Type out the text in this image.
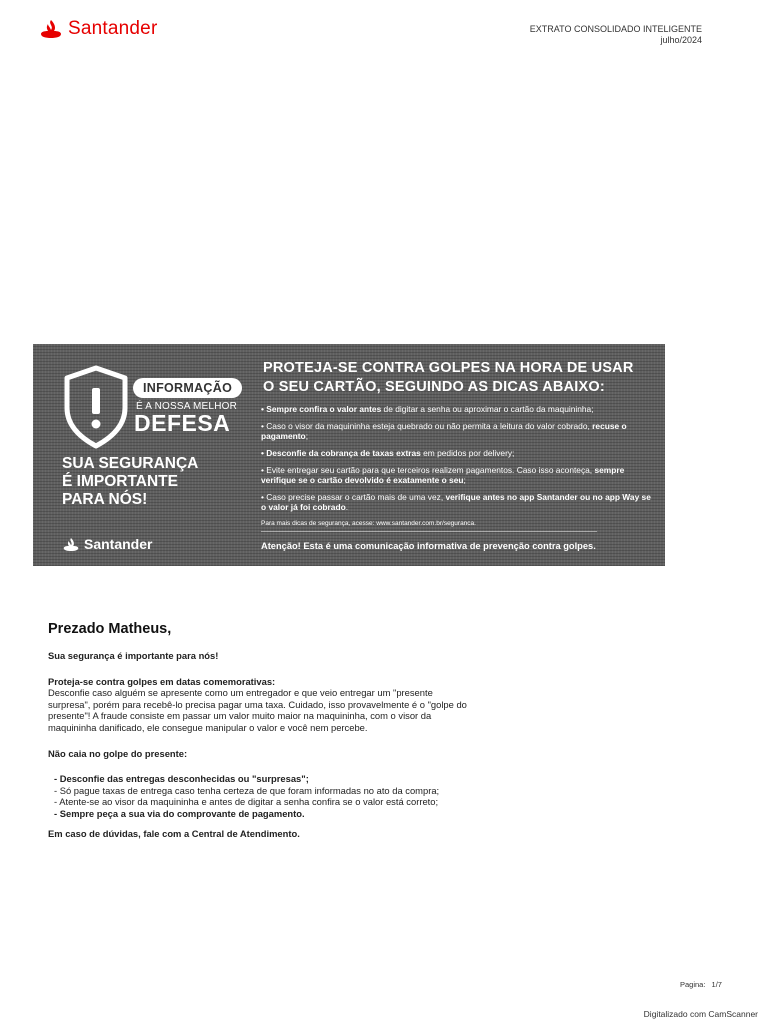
Santander	EXTRATO CONSOLIDADO INTELIGENTE
julho/2024
INFORMAÇÃO
É A NOSSA MELHOR
DEFESA
SUA SEGURANÇA
É IMPORTANTE
PARA NÓS!
Santander
PROTEJA-SE CONTRA GOLPES NA HORA DE USAR
O SEU CARTÃO, SEGUINDO AS DICAS ABAIXO:
• Sempre confira o valor antes de digitar a senha ou aproximar o cartão da maquininha;
• Caso o visor da maquininha esteja quebrado ou não permita a leitura do valor cobrado, recuse o pagamento;
• Desconfie da cobrança de taxas extras em pedidos por delivery;
• Evite entregar seu cartão para que terceiros realizem pagamentos. Caso isso aconteça, sempre verifique se o cartão devolvido é exatamente o seu;
• Caso precise passar o cartão mais de uma vez, verifique antes no app Santander ou no app Way se o valor já foi cobrado.
Para mais dicas de segurança, acesse: www.santander.com.br/seguranca.
Atenção! Esta é uma comunicação informativa de prevenção contra golpes.
Prezado Matheus,

Sua segurança é importante para nós!

Proteja-se contra golpes em datas comemorativas:

Desconfie caso alguém se apresente como um entregador e que veio entregar um "presente surpresa", porém para recebê-lo precisa pagar uma taxa. Cuidado, isso provavelmente é o "golpe do presente"! A fraude consiste em passar um valor muito maior na maquininha, com o visor da maquininha danificado, ele consegue manipular o valor e você nem percebe.

Não caia no golpe do presente:

- Desconfie das entregas desconhecidas ou "surpresas";
- Só pague taxas de entrega caso tenha certeza de que foram informadas no ato da compra;
- Atente-se ao visor da maquininha e antes de digitar a senha confira se o valor está correto;
- Sempre peça a sua via do comprovante de pagamento.

Em caso de dúvidas, fale com a Central de Atendimento.

Pagina: 1/7
Digitalizado com CamScanner
